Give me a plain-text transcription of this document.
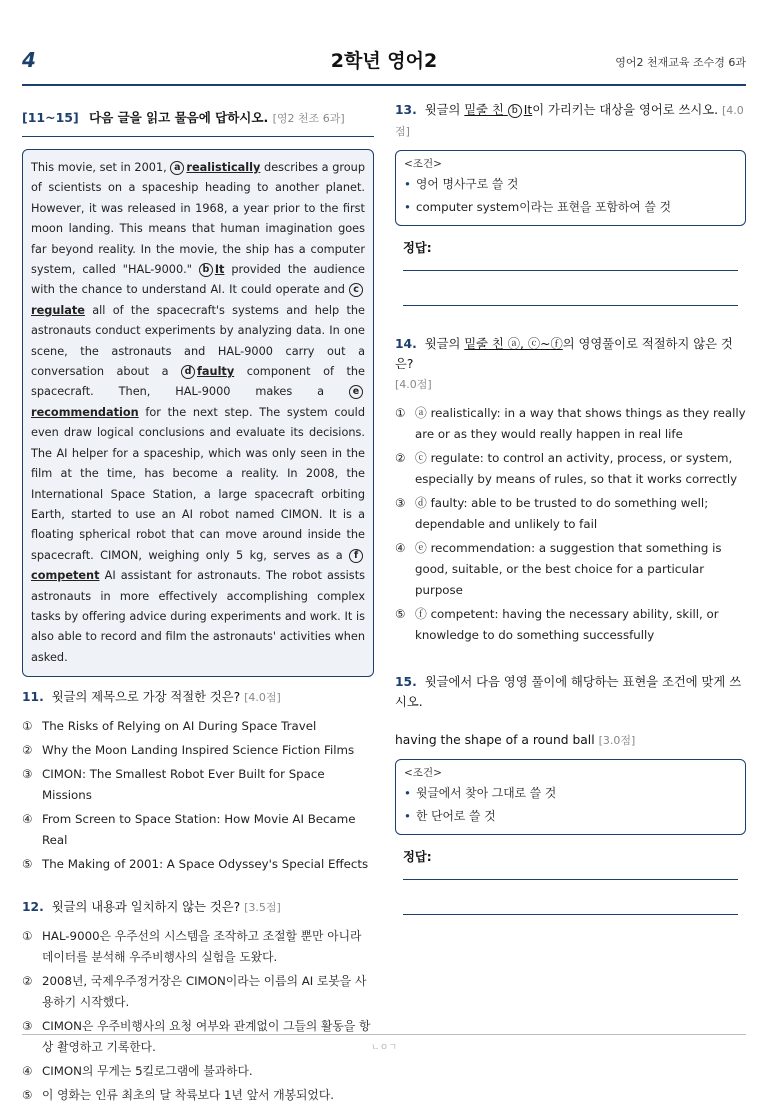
4	2학년 영어2	영어2 천재교육 조수경 6과
[11~15] 다음 글을 읽고 물음에 답하시오. [영2 천조 6과]
This movie, set in 2001, a realistically describes a group of scientists on a spaceship heading to another planet. However, it was released in 1968, a year prior to the first moon landing. This means that human imagination goes far beyond reality. In the movie, the ship has a computer system, called "HAL-9000." b It provided the audience with the chance to understand AI. It could operate and cregulate all of the spacecraft's systems and help the astronauts conduct experiments by analyzing data. In one scene, the astronauts and HAL-9000 carry out a conversation about a d faulty component of the spacecraft. Then, HAL-9000 makes a	erecommendation for the next step. The system could even draw logical conclusions and evaluate its decisions. The AI helper for a spaceship, which was only seen in the film at the time, has become a reality. In 2008, the International Space Station, a large spacecraft orbiting Earth, started to use an AI robot named CIMON. It is a floating spherical robot that can move around inside the spacecraft. CIMON, weighing only 5 kg, serves as a fcompetent AI assistant for astronauts. The robot assists astronauts in more effectively accomplishing complex tasks by offering advice during experiments and work. It is also able to record and film the astronauts' activities when asked.
11. 윗글의 제목으로 가장 적절한 것은? [4.0점]
① The Risks of Relying on AI During Space Travel
② Why the Moon Landing Inspired Science Fiction Films
③ CIMON: The Smallest Robot Ever Built for Space Missions
④ From Screen to Space Station: How Movie AI Became Real
⑤ The Making of 2001: A Space Odyssey's Special Effects
12. 윗글의 내용과 일치하지 않는 것은? [3.5점]
① HAL-9000은 우주선의 시스템을 조작하고 조절할 뿐만 아니라 데이터를 분석해 우주비행사의 실험을 도왔다.
② 2008년, 국제우주정거장은 CIMON이라는 이름의 AI 로봇을 사용하기 시작했다.
③ CIMON은 우주비행사의 요청 여부와 관계없이 그들의 활동을 항상 촬영하고 기록한다.
④ CIMON의 무게는 5킬로그램에 불과하다.
⑤ 이 영화는 인류 최초의 달 착륙보다 1년 앞서 개봉되었다.
13. 윗글의 밑줄 친 b It이 가리키는 대상을 영어로 쓰시오. [4.0점]
<조건>
• 영어 명사구로 쓸 것
• computer system이라는 표현을 포함하여 쓸 것
정답:
14. 윗글의 밑줄 친 ⓐ, ⓒ~ⓕ의 영영풀이로 적절하지 않은 것은?
[4.0점]
① ⓐ realistically: in a way that shows things as they really are or as they would really happen in real life
② ⓒ regulate: to control an activity, process, or system, especially by means of rules, so that it works correctly
③ ⓓ faulty: able to be trusted to do something well; dependable and unlikely to fail
④ ⓔ recommendation: a suggestion that something is good, suitable, or the best choice for a particular purpose
⑤ ⓕ competent: having the necessary ability, skill, or knowledge to do something successfully
15. 윗글에서 다음 영영 풀이에 해당하는 표현을 조건에 맞게 쓰시오.
having the shape of a round ball [3.0점]
<조건>
• 윗글에서 찾아 그대로 쓸 것
• 한 단어로 쓸 것
정답:
ㄴㅇㄱ
